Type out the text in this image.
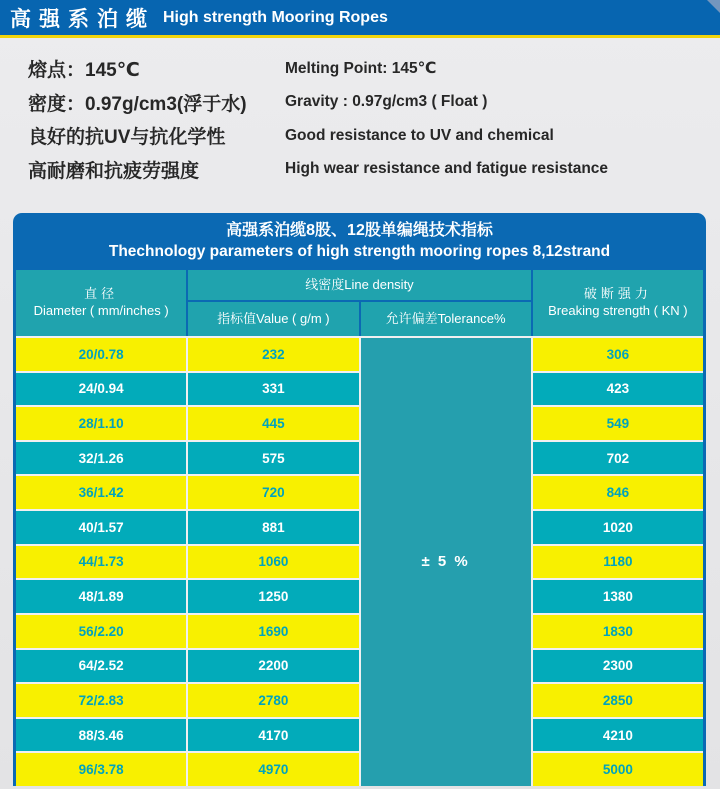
高强系泊缆 High strength Mooring Ropes
熔点：145℃	Melting Point: 145℃
密度：0.97g/cm3(浮于水)	Gravity : 0.97g/cm3 ( Float )
良好的抗UV与抗化学性	Good resistance to UV and chemical
高耐磨和抗疲劳强度	High wear resistance and fatigue resistance
高强系泊缆8股、12股单编绳技术指标
Thechnology parameters of high strength mooring ropes 8,12strand
直径
Diameter ( mm/inches )
线密度Line density
指标值Value ( g/m )	允许偏差Tolerance%
破断强力
Breaking strength ( KN )
± 5 %
20/0.78	232	306
24/0.94	331	423
28/1.10	445	549
32/1.26	575	702
36/1.42	720	846
40/1.57	881	1020
44/1.73	1060	1180
48/1.89	1250	1380
56/2.20	1690	1830
64/2.52	2200	2300
72/2.83	2780	2850
88/3.46	4170	4210
96/3.78	4970	5000
